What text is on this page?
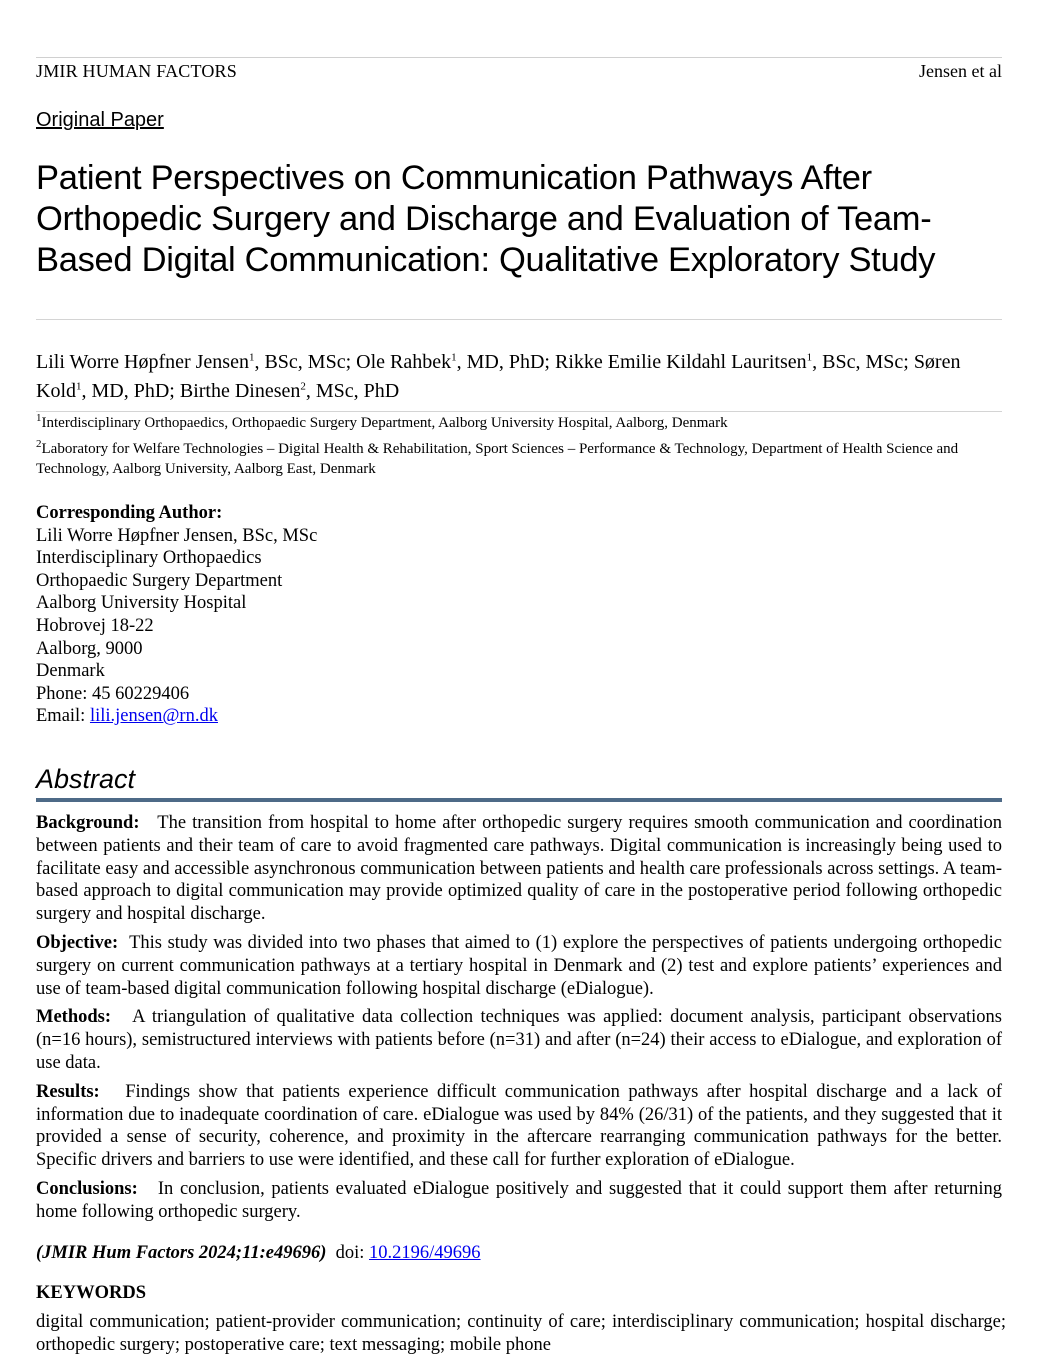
JMIR HUMAN FACTORS	Jensen et al
Original Paper
Patient Perspectives on Communication Pathways After Orthopedic Surgery and Discharge and Evaluation of Team-Based Digital Communication: Qualitative Exploratory Study
Lili Worre Høpfner Jensen$^1$, BSc, MSc; Ole Rahbek$^1$, MD, PhD; Rikke Emilie Kildahl Lauritsen$^1$, BSc, MSc; Søren Kold$^1$, MD, PhD; Birthe Dinesen$^2$, MSc, PhD
$^1$Interdisciplinary Orthopaedics, Orthopaedic Surgery Department, Aalborg University Hospital, Aalborg, Denmark
$^2$Laboratory for Welfare Technologies – Digital Health & Rehabilitation, Sport Sciences – Performance & Technology, Department of Health Science and Technology, Aalborg University, Aalborg East, Denmark
Corresponding Author:
Lili Worre Høpfner Jensen, BSc, MSc
Interdisciplinary Orthopaedics
Orthopaedic Surgery Department
Aalborg University Hospital
Hobrovej 18-22
Aalborg, 9000
Denmark
Phone: 45 60229406
Email: lili.jensen@rn.dk
Abstract

Background: The transition from hospital to home after orthopedic surgery requires smooth communication and coordination between patients and their team of care to avoid fragmented care pathways. Digital communication is increasingly being used to facilitate easy and accessible asynchronous communication between patients and health care professionals across settings. A team-based approach to digital communication may provide optimized quality of care in the postoperative period following orthopedic surgery and hospital discharge.

Objective: This study was divided into two phases that aimed to (1) explore the perspectives of patients undergoing orthopedic surgery on current communication pathways at a tertiary hospital in Denmark and (2) test and explore patients’ experiences and use of team-based digital communication following hospital discharge (eDialogue).

Methods: A triangulation of qualitative data collection techniques was applied: document analysis, participant observations (n=16 hours), semistructured interviews with patients before (n=31) and after (n=24) their access to eDialogue, and exploration of use data.

Results: Findings show that patients experience difficult communication pathways after hospital discharge and a lack of information due to inadequate coordination of care. eDialogue was used by 84% (26/31) of the patients, and they suggested that it provided a sense of security, coherence, and proximity in the aftercare rearranging communication pathways for the better. Specific drivers and barriers to use were identified, and these call for further exploration of eDialogue.

Conclusions: In conclusion, patients evaluated eDialogue positively and suggested that it could support them after returning home following orthopedic surgery.

(JMIR Hum Factors 2024;11:e49696) doi: 10.2196/49696
KEYWORDS
digital communication; patient-provider communication; continuity of care; interdisciplinary communication; hospital discharge; orthopedic surgery; postoperative care; text messaging; mobile phone
